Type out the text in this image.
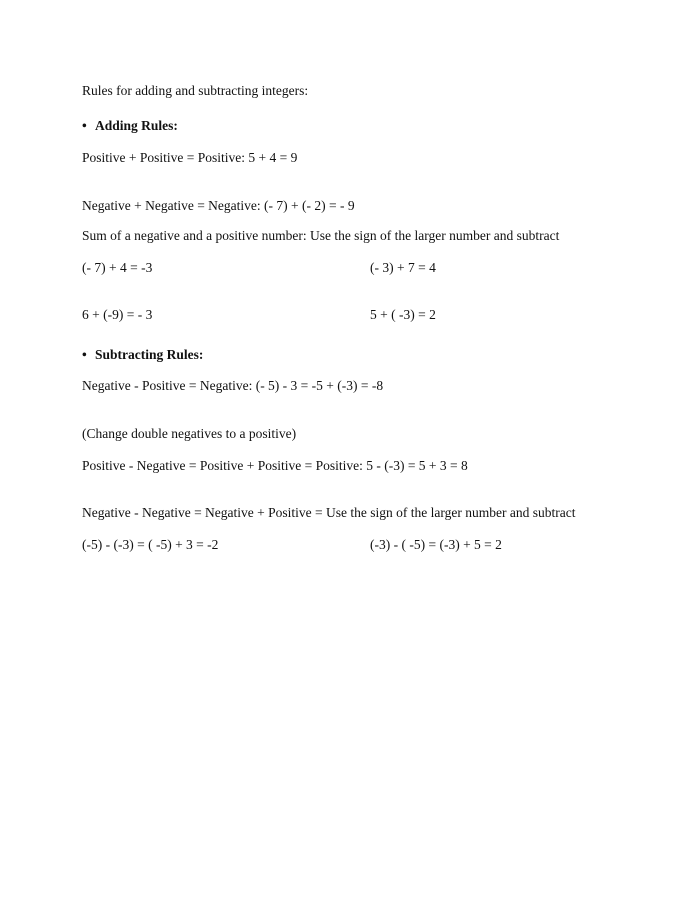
Rules for adding and subtracting integers:
• Adding Rules:
Positive + Positive = Positive: 5 + 4 = 9
Negative + Negative = Negative: (- 7) + (- 2) = - 9
Sum of a negative and a positive number: Use the sign of the larger number and subtract
(- 7) + 4 = -3	(- 3) + 7 = 4
6 + (-9) = - 3	5 + ( -3) = 2
• Subtracting Rules:
Negative - Positive = Negative: (- 5) - 3 = -5 + (-3) = -8
(Change double negatives to a positive)
Positive - Negative = Positive + Positive = Positive: 5 - (-3) = 5 + 3 = 8
Negative - Negative = Negative + Positive = Use the sign of the larger number and subtract
(-5) - (-3) = ( -5) + 3 = -2	(-3) - ( -5) = (-3) + 5 = 2
